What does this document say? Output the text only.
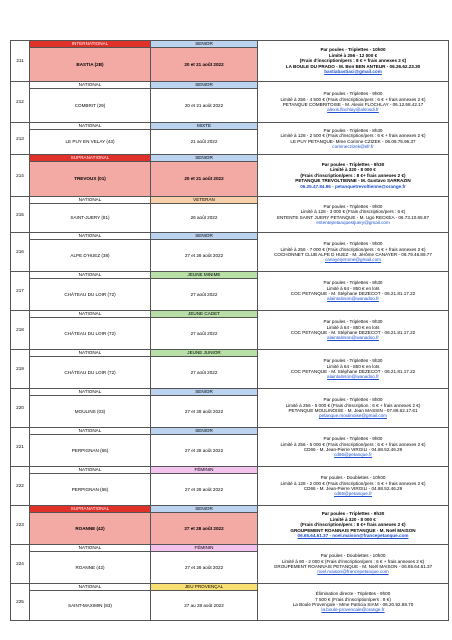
211	INTERNATIONAL	SENIOR	Par poules - Triplettes - 10h00
Limité à 256 - 12 000 €
(Frais d'inscription/pers : 8 € + frais annexes 2 €)
LA BOULE DU PRADO - M. Bon BEN ANTEUR - 06.26.62.23.30
bastiabastiaci@gmail.com

	BASTIA (2B)	20 et 21 août 2022	
212	NATIONAL	SENIOR	Par poules - Triplettes - 9h00
Limité à 256 - 4 500 € (Frais d'inscription/pers : 6 € + frais annexes 2 €)
PETANQUE COMBRITOISE - M. Alexis FLOCHLAY - 06.12.58.42.17
alexis.flochlay@alsosdi.fr

	COMBRIT (29)	20 et 21 août 2022	
213	NATIONAL	MIXTE	Par poules - Triplettes - 8h30
Limité à 128 - 2 500 € (Frais d'inscription/pers : 6 € + frais annexes 2 €)
LE PUY PETANQUE- Mme Corinne CZIZEK - 06.09.75.96.37
corinneczizek@sfr.fr

	LE PUY EN VELAY (43)	21 août 2022	
214	SUPRANATIONAL	SENIOR	Par poules - Triplettes - 9h30
Limité à 320 - 8 000 €
(Frais d'inscription/pers : 8 €+ frais annexes 2 €)
PETANQUE TREVOLTIENNE - M. Gustavo SARRAZIN
06.25.47.84.86 - petanquetrevoltienne@orange.fr

	TREVOUX (01)	20 et 21 août 2022	
215	NATIONAL	VETERAN	Par poules - Triplettes - 9h00
Limité à 128 - 3 000 € (Frais d'inscription/pers : 6 €)
ENTENTE SAINT JUERY PETANQUE - M. Ugo RECKEA - 06.73.10.65.97
ententepetanquestjuery@gmail.com

	SAINT-JUERY (81)	26 août 2022	
216	NATIONAL	SENIOR	Par poules - Triplettes - 9h00
Limité à 256 - 7 000 € (Frais d'inscription/pers : 6 € + frais annexes 2 €)
COCHONNET CLUB ALPE D HUEZ - M. Jérôme CANAYER - 06.79.46.89.77
canayerjerome@gmail.com

	ALPE D'HUEZ (38)	27 et 28 août 2022	
217	NATIONAL	JEUNE MINIME	Par poules - Triplettes - 9h30
Limité à 64 - 850 € en lots
COC PETANQUE - M. Stéphane DEZECOT - 06.21.81.17.22
alaintalnson@wanadoo.fr

	CHÂTEAU DU LOIR (72)	27 août 2022	
218	NATIONAL	JEUNE CADET	Par poules - Triplettes - 9h30
Limité à 64 - 850 € en lots
COC PETANQUE - M. Stéphane DEZECOT - 06.21.81.17.22
alaintalnson@wanadoo.fr

	CHÂTEAU DU LOIR (72)	27 août 2022	
219	NATIONAL	JEUNE JUNIOR	Par poules - Triplettes - 9h30
Limité à 64 - 850 € en lots
COC PETANQUE - M. Stéphane DEZECOT - 06.21.81.17.22
alaintalnson@wanadoo.fr

	CHÂTEAU DU LOIR (72)	27 août 2022	
220	NATIONAL	SENIOR	Par poules - Triplettes - 8h00
Limité à 256 - 5 000 € (Frais d'inscription : 6 € + frais annexes 2 €)
PETANQUE MOULINOISE - M. Jean MASSIN - 07.86.62.17.61
petanque.moulinoise@gmail.com

	MOULINS (03)	27 et 28 août 2022	
221	NATIONAL	SENIOR	Par poules - Triplettes - 9h00
Limité à 256 - 5 000 € (Frais d'inscription/pers : 6 € + frais annexes 2 €)
CD66 - M. Jean-Pierre VIRGILI - 04.68.52.46.29
cd66@petanque.fr

	PERPIGNAN (66)	27 et 28 août 2022	
222	NATIONAL	FÉMININ	Par poules - Doublettes - 10h00
Limité à 128 - 2 000 € (Frais d'inscription/pers : 6 € + frais annexes 2 €)
CD66 - M. Jean-Pierre VIRGILI - 04.68.52.46.29
cd66@petanque.fr

	PERPIGNAN (66)	27 et 28 août 2022	
223	SUPRANATIONAL	SENIOR	Par poules - Triplettes - 9h30
Limité à 320 - 8 000 €
(Frais d'inscription/pers : 8 €+ frais annexes 2 €)
GROUPEMENT ROANNAIS PETANQUE - M. Noël MAISON
06.65.64.61.37 - noel.maison@francepetanque.com

	ROANNE (42)	27 et 28 août 2022	
224	NATIONAL	FÉMININ	Par poules - Doublettes - 10h00
Limité à 80 - 2 000 € (Frais d'inscription/pers : 6 € + frais annexes 2 €)
GROUPEMENT ROANNAIS PETANQUE - M. Noël MAISON - 06.65.64.61.37
noel.maison@francepetanque.com

	ROANNE (42)	27 et 28 août 2022	
225	NATIONAL	JEU PROVENÇAL	Élimination directe - Triplettes - 9h00
7 500 € (Frais d'inscription/pers : 8 €)
La Boule Provençale - Mme Patricia SIAM - 06.20.92.68.70
la.boule-provencale@orange.fr

	SAINT-MAXIMIN (83)	27 au 28 août 2022	
